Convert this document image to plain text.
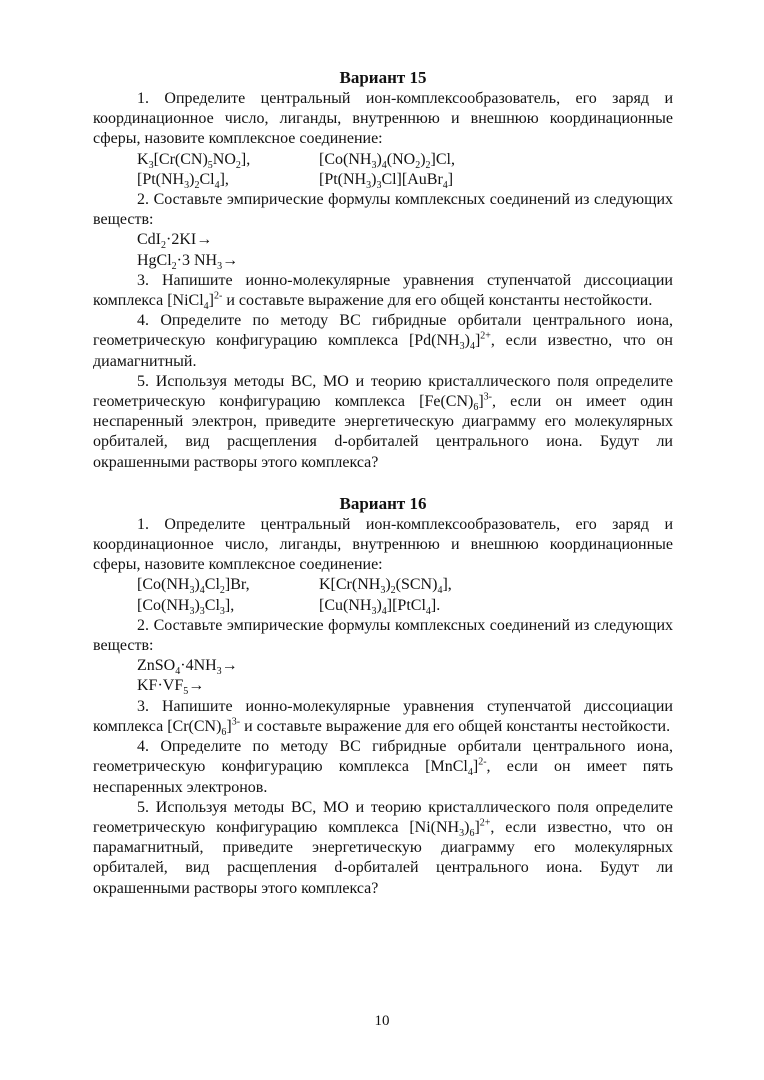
Вариант 15

1. Определите центральный ион-комплексообразователь, его заряд и координационное число, лиганды, внутреннюю и внешнюю координационные сферы, назовите комплексное соединение:

$K_3[Cr(CN)_5NO_2]$,	$[Co(NH_3)_4(NO_2)_2]Cl$,
$[Pt(NH_3)_2Cl_4]$,	$[Pt(NH_3)_3Cl][AuBr_4]$

2. Составьте эмпирические формулы комплексных соединений из следующих веществ:

CdI$_2$·2KI→
HgCl$_2$·3 $NH_3\to$

3. Напишите ионно-молекулярные уравнения ступенчатой диссоциации комплекса [NiCl$_4$]$^{2-}$ и составьте выражение для его общей константы нестойкости.

4. Определите по методу ВС гибридные орбитали центрального иона, геометрическую конфигурацию комплекса $[Pd(NH_3)_4]^{2+}$, если известно, что он диамагнитный.

5. Используя методы ВС, МО и теорию кристаллического поля определите геометрическую конфигурацию комплекса $[Fe(CN)_6]^{3-}$, если он имеет один неспаренный электрон, приведите энергетическую диаграмму его молекулярных орбиталей, вид расщепления d-орбиталей центрального иона. Будут ли окрашенными растворы этого комплекса?

Вариант 16

1. Определите центральный ион-комплексообразователь, его заряд и координационное число, лиганды, внутреннюю и внешнюю координационные сферы, назовите комплексное соединение:

$[Co(NH_3)_4Cl_2]Br$,	$K[Cr(NH_3)_2(SCN)_4]$,
$[Co(NH_3)_3Cl_3]$,	$[Cu(NH_3)_4][PtCl_4]$.

2. Составьте эмпирические формулы комплексных соединений из следующих веществ:

$ZnSO_4\cdot 4NH_3\to$
$KF\cdot VF_5\to$

3. Напишите ионно-молекулярные уравнения ступенчатой диссоциации комплекса $[Cr(CN)_6]^{3-}$ и составьте выражение для его общей константы нестойкости.

4. Определите по методу ВС гибридные орбитали центрального иона, геометрическую конфигурацию комплекса [MnCl$_4$]$^{2-}$, если он имеет пять неспаренных электронов.

5. Используя методы ВС, МО и теорию кристаллического поля определите геометрическую конфигурацию комплекса $[Ni(NH_3)_6]^{2+}$, если известно, что он парамагнитный, приведите энергетическую диаграмму его молекулярных орбиталей, вид расщепления d-орбиталей центрального иона. Будут ли окрашенными растворы этого комплекса?

10
